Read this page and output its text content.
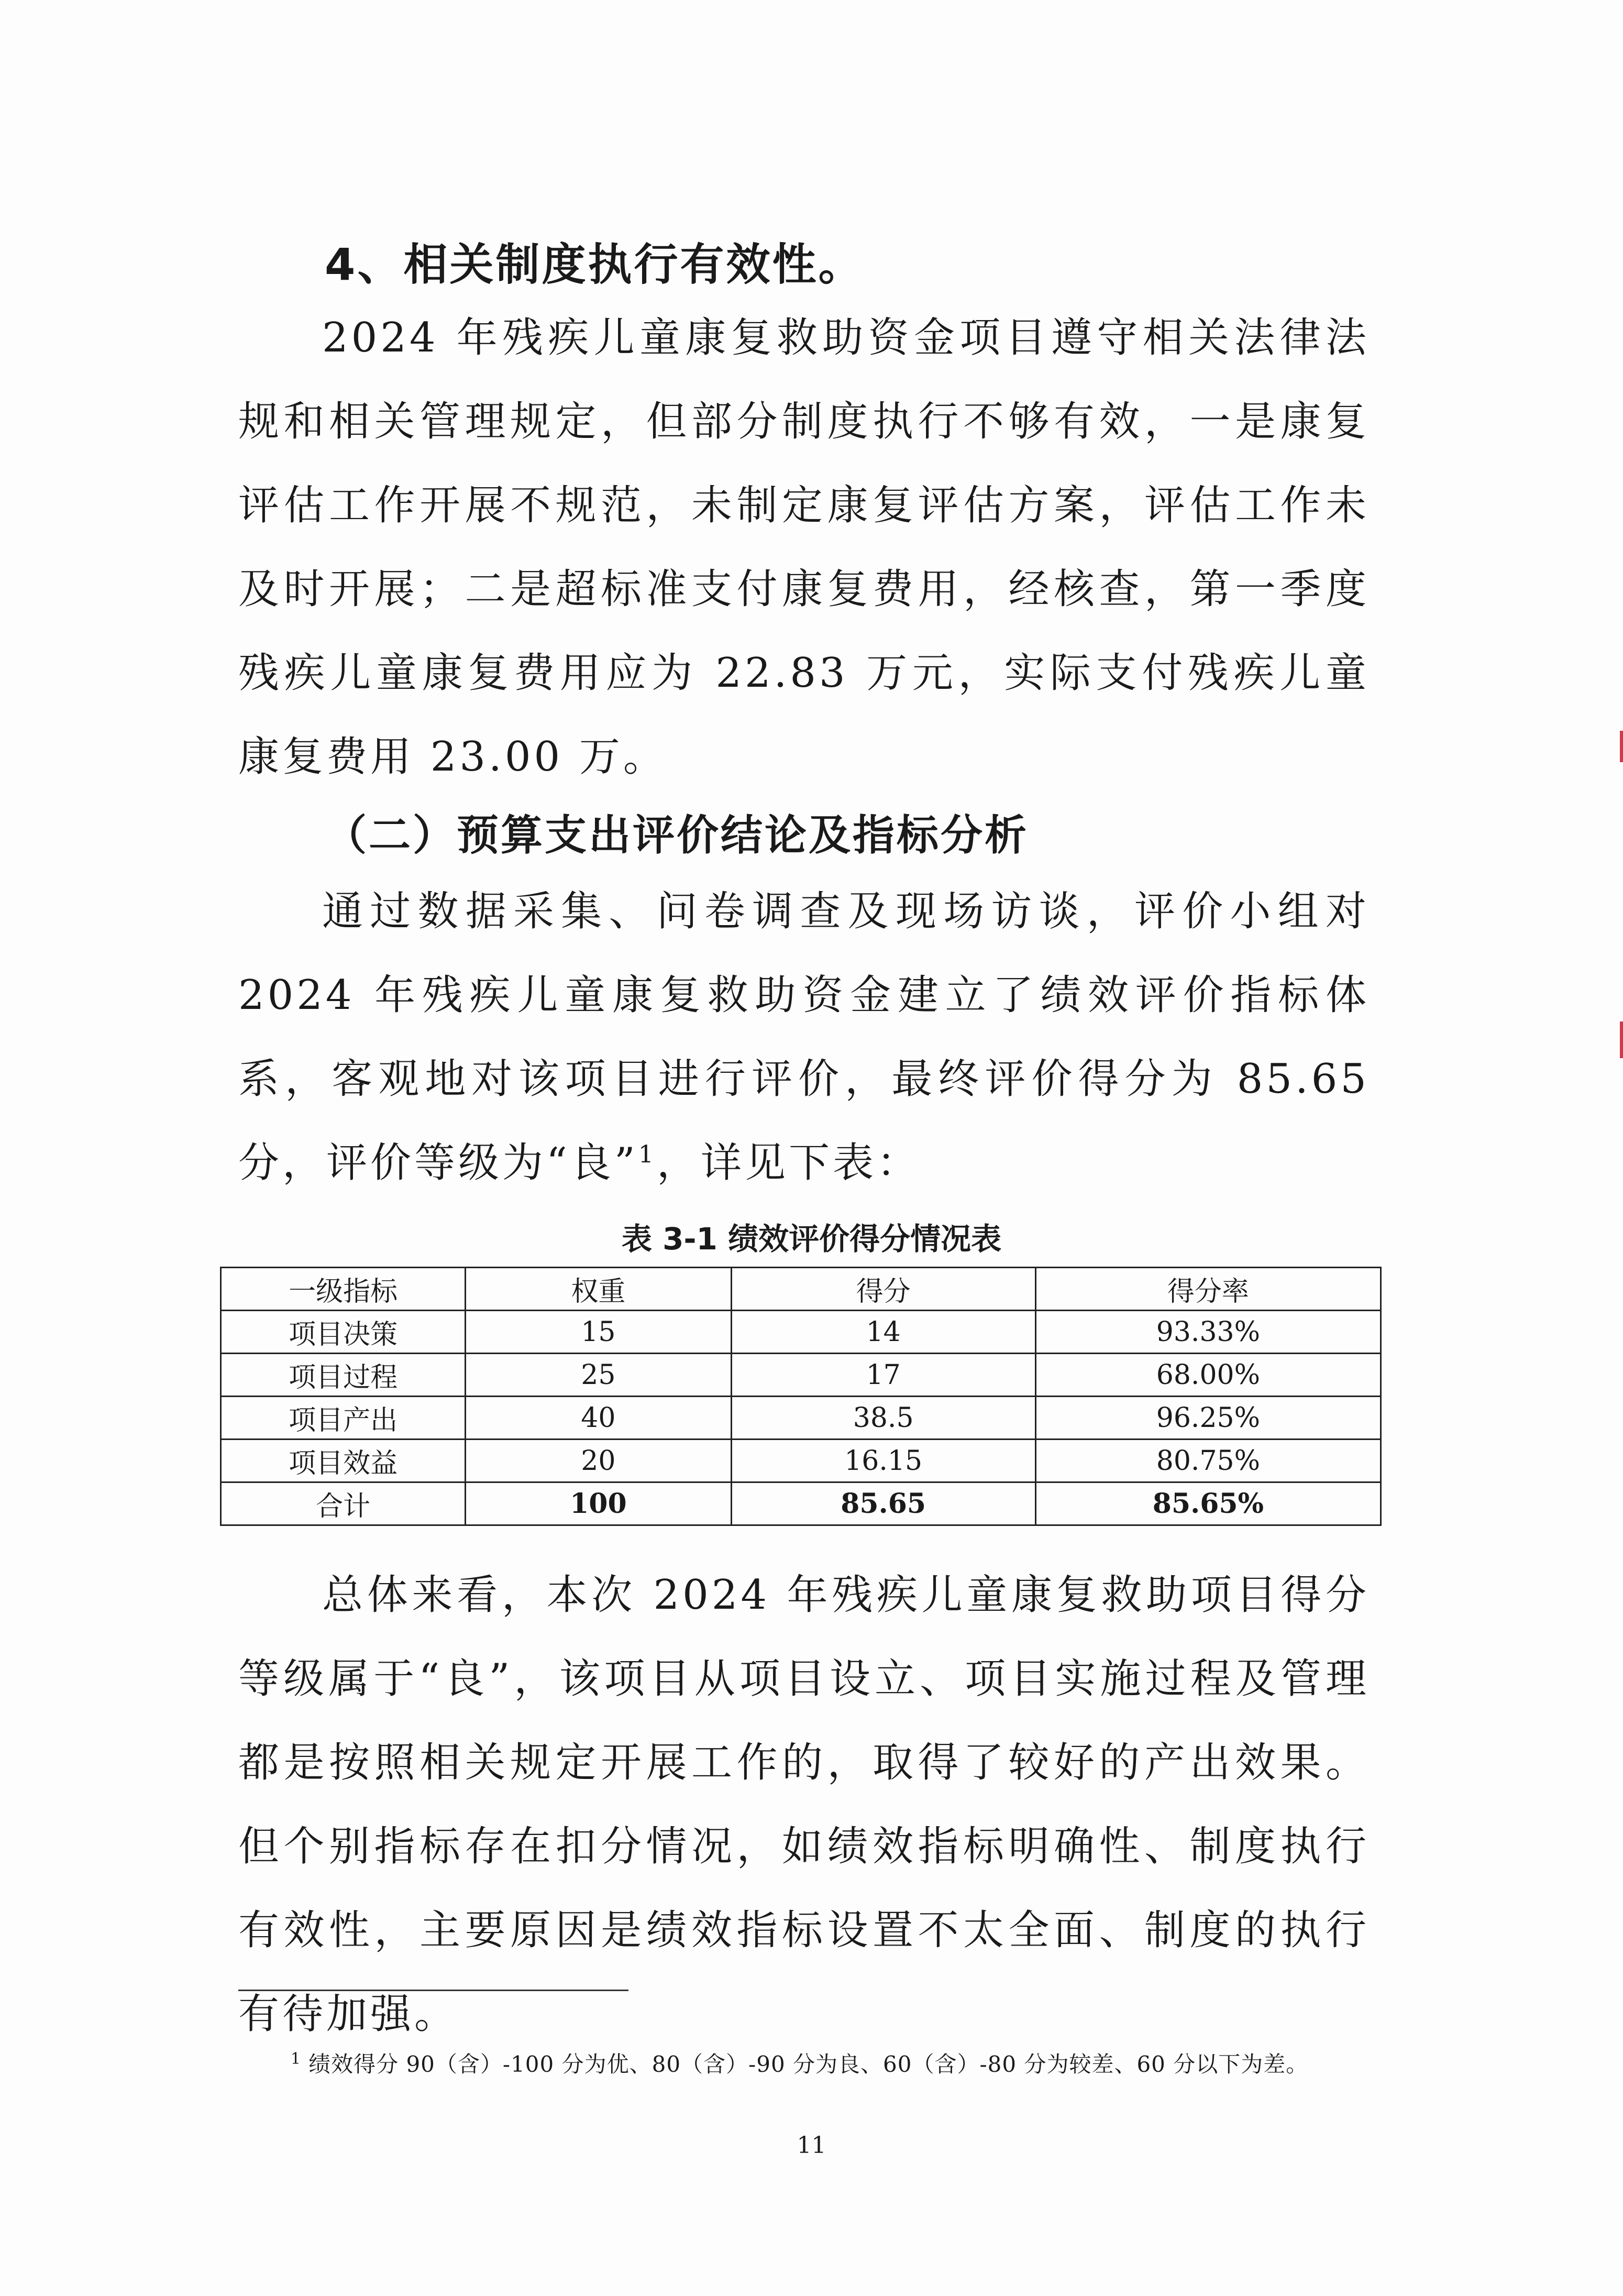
4、相关制度执行有效性。

2024 年残疾儿童康复救助资金项目遵守相关法律法规和相关管理规定，但部分制度执行不够有效，一是康复评估工作开展不规范，未制定康复评估方案，评估工作未及时开展；二是超标准支付康复费用，经核查，第一季度残疾儿童康复费用应为 22.83 万元，实际支付残疾儿童康复费用 23.00 万。

（二）预算支出评价结论及指标分析

通过数据采集、问卷调查及现场访谈，评价小组对 2024 年残疾儿童康复救助资金建立了绩效评价指标体系，客观地对该项目进行评价，最终评价得分为 85.65 分，评价等级为“良”$^1$，详见下表：

表 3-1 绩效评价得分情况表
一级指标	权重	得分	得分率
项目决策	15	14	93.33%
项目过程	25	17	68.00%
项目产出	40	38.5	96.25%
项目效益	20	16.15	80.75%
合计	100	85.65	85.65%

总体来看，本次 2024 年残疾儿童康复救助项目得分等级属于“良”，该项目从项目设立、项目实施过程及管理都是按照相关规定开展工作的，取得了较好的产出效果。但个别指标存在扣分情况，如绩效指标明确性、制度执行有效性，主要原因是绩效指标设置不太全面、制度的执行有待加强。

$^1$ 绩效得分 90（含）-100 分为优、80（含）-90 分为良、60（含）-80 分为较差、60 分以下为差。
11
